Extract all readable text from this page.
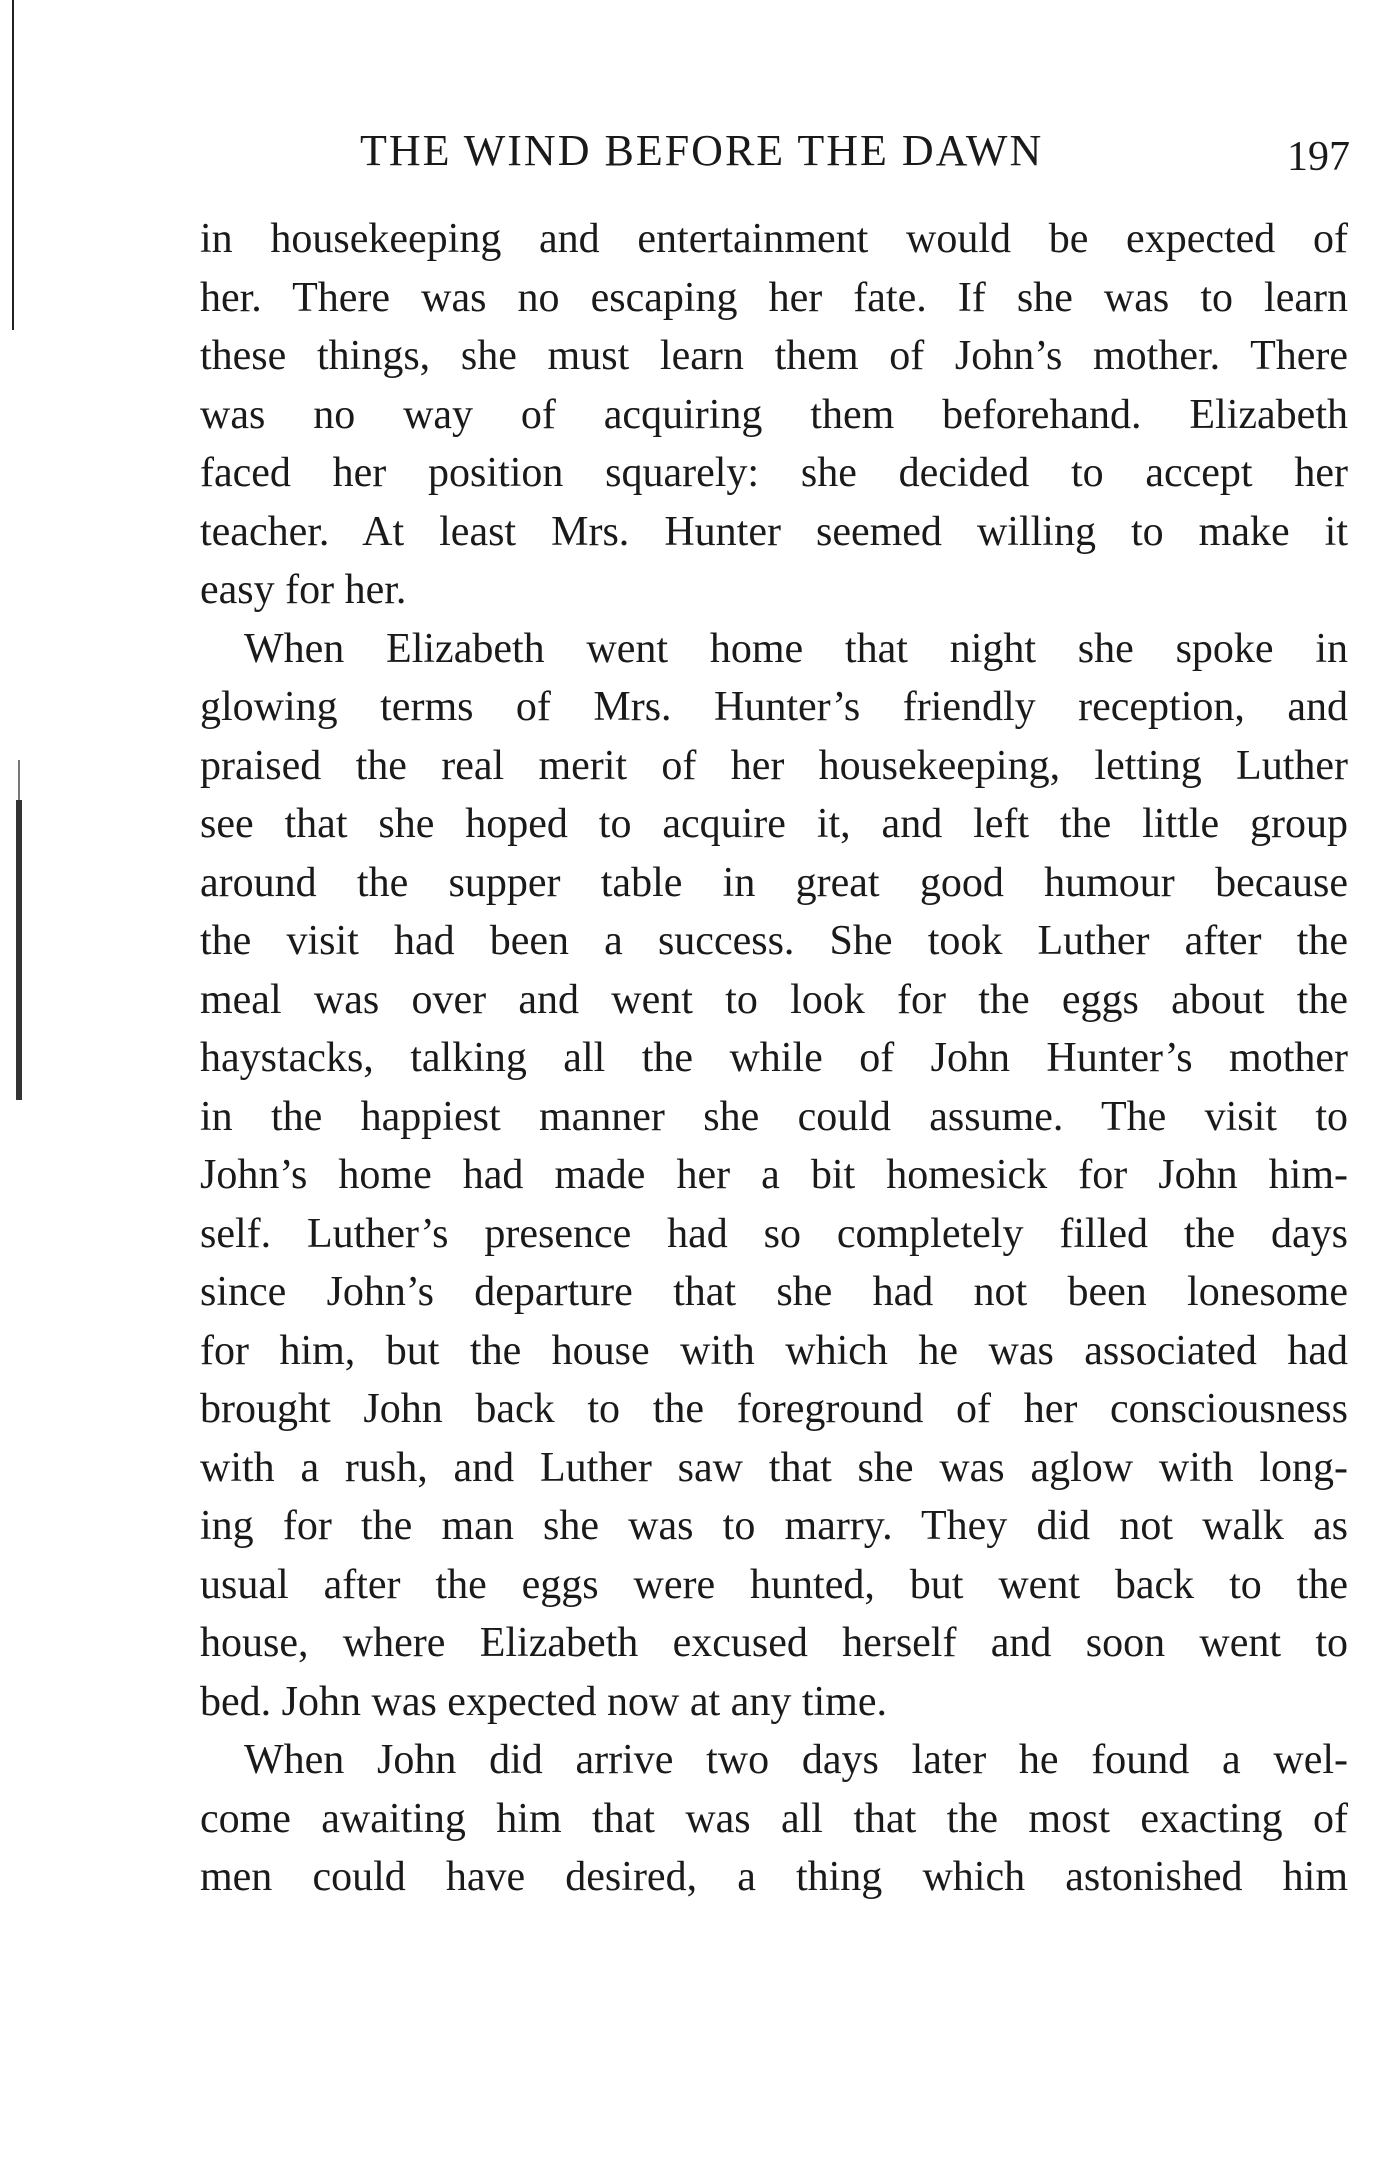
THE WIND BEFORE THE DAWN	197
in housekeeping and entertainment would be expected of
her. There was no escaping her fate. If she was to learn
these things, she must learn them of John’s mother. There
was no way of acquiring them beforehand. Elizabeth
faced her position squarely: she decided to accept her
teacher. At least Mrs. Hunter seemed willing to make it
easy for her.
When Elizabeth went home that night she spoke in
glowing terms of Mrs. Hunter’s friendly reception, and
praised the real merit of her housekeeping, letting Luther
see that she hoped to acquire it, and left the little group
around the supper table in great good humour because
the visit had been a success. She took Luther after the
meal was over and went to look for the eggs about the
haystacks, talking all the while of John Hunter’s mother
in the happiest manner she could assume. The visit to
John’s home had made her a bit homesick for John him-
self. Luther’s presence had so completely filled the days
since John’s departure that she had not been lonesome
for him, but the house with which he was associated had
brought John back to the foreground of her consciousness
with a rush, and Luther saw that she was aglow with long-
ing for the man she was to marry. They did not walk as
usual after the eggs were hunted, but went back to the
house, where Elizabeth excused herself and soon went to
bed. John was expected now at any time.
When John did arrive two days later he found a wel-
come awaiting him that was all that the most exacting of
men could have desired, a thing which astonished him
